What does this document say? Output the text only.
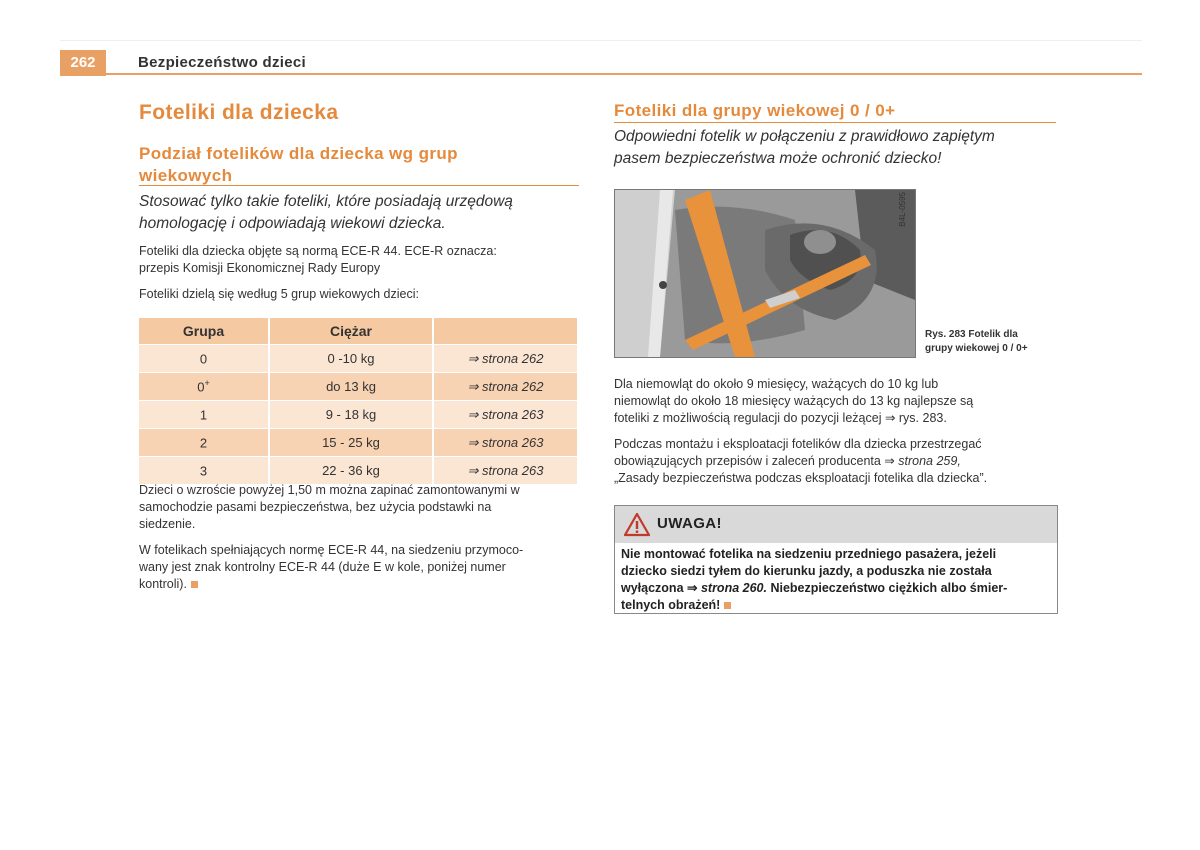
262	Bezpieczeństwo dzieci
Foteliki dla dziecka
Podział fotelików dla dziecka wg grup
wiekowych
Stosować tylko takie foteliki, które posiadają urzędową
homologację i odpowiadają wiekowi dziecka.
Foteliki dla dziecka objęte są normą ECE-R 44. ECE-R oznacza:
przepis Komisji Ekonomicznej Rady Europy
Foteliki dzielą się według 5 grup wiekowych dzieci:
Grupa	Ciężar	
0	0 -10 kg	⇒ strona 262
0+	do 13 kg	⇒ strona 262
1	9 - 18 kg	⇒ strona 263
2	15 - 25 kg	⇒ strona 263
3	22 - 36 kg	⇒ strona 263
Dzieci o wzroście powyżej 1,50 m można zapinać zamontowanymi w
samochodzie pasami bezpieczeństwa, bez użycia podstawki na
siedzenie.
W fotelikach spełniających normę ECE-R 44, na siedzeniu przymoco-
wany jest znak kontrolny ECE-R 44 (duże E w kole, poniżej numer
kontroli).
Foteliki dla grupy wiekowej 0 / 0+
Odpowiedni fotelik w połączeniu z prawidłowo zapiętym
pasem bezpieczeństwa może ochronić dziecko!
B4L-0595
Rys. 283 Fotelik dla
grupy wiekowej 0 / 0+
Dla niemowląt do około 9 miesięcy, ważących do 10 kg lub
niemowląt do około 18 miesięcy ważących do 13 kg najlepsze są
foteliki z możliwością regulacji do pozycji leżącej ⇒ rys. 283.
Podczas montażu i eksploatacji fotelików dla dziecka przestrzegać
obowiązujących przepisów i zaleceń producenta ⇒ strona 259,
„Zasady bezpieczeństwa podczas eksploatacji fotelika dla dziecka”.
UWAGA!
Nie montować fotelika na siedzeniu przedniego pasażera, jeżeli
dziecko siedzi tyłem do kierunku jazdy, a poduszka nie została
wyłączona ⇒ strona 260. Niebezpieczeństwo ciężkich albo śmier-
telnych obrażeń!
